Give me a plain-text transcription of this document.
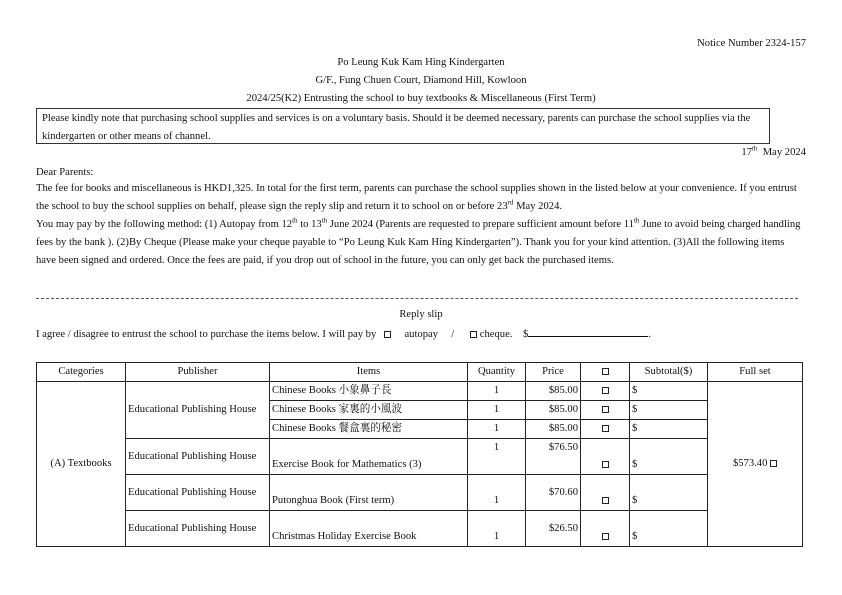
Notice Number 2324-157
Po Leung Kuk Kam Hing Kindergarten
G/F., Fung Chuen Court, Diamond Hill, Kowloon
2024/25(K2) Entrusting the school to buy textbooks & Miscellaneous (First Term)
Please kindly note that purchasing school supplies and services is on a voluntary basis. Should it be deemed necessary, parents can purchase the school supplies via the kindergarten or other means of channel.
17th May 2024
Dear Parents:
The fee for books and miscellaneous is HKD1,325. In total for the first term, parents can purchase the school supplies shown in the listed below at your convenience. If you entrust the school to buy the school supplies on behalf, please sign the reply slip and return it to school on or before 23rd May 2024.
You may pay by the following method: (1) Autopay from 12th to 13th June 2024 (Parents are requested to prepare sufficient amount before 11th June to avoid being charged handling fees by the bank ). (2)By Cheque (Please make your cheque payable to “Po Leung Kuk Kam Hing Kindergarten”). Thank you for your kind attention. (3)All the following items have been signed and ordered. Once the fees are paid, if you drop out of school in the future, you can only get back the purchased items.
Reply slip
I agree / disagree to entrust the school to purchase the items below. I will pay by	autopay / cheque. $	.
Categories	Publisher	Items	Quantity	Price		Subtotal($)	Full set
(A) Textbooks	Educational Publishing House	Chinese Books 小象鼻子長	1	$85.00		$	$573.40
		Chinese Books 家裏的小風波	1	$85.00		$	
		Chinese Books 餐盒裏的秘密	1	$85.00		$	
	Educational Publishing House	Exercise Book for Mathematics (3)	1	$76.50		$	
	Educational Publishing House	Putonghua Book (First term)	1	$70.60		$	
	Educational Publishing House	Christmas Holiday Exercise Book	1	$26.50		$	
